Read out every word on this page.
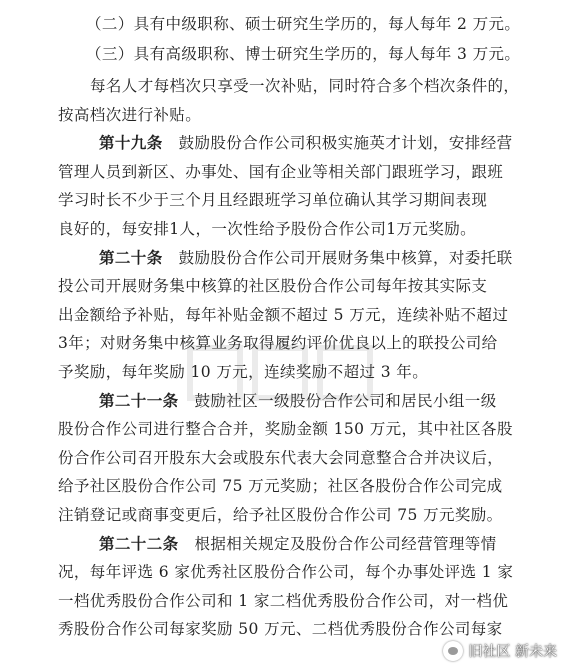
（二）具有中级职称、硕士研究生学历的，每人每年 2 万元。
（三）具有高级职称、博士研究生学历的，每人每年 3 万元。
每名人才每档次只享受一次补贴，同时符合多个档次条件的，
按高档次进行补贴。
第十九条 鼓励股份合作公司积极实施英才计划，安排经营
管理人员到新区、办事处、国有企业等相关部门跟班学习，跟班
学习时长不少于三个月且经跟班学习单位确认其学习期间表现
良好的，每安排1人，一次性给予股份合作公司1万元奖励。
第二十条 鼓励股份合作公司开展财务集中核算，对委托联
投公司开展财务集中核算的社区股份合作公司每年按其实际支
出金额给予补贴，每年补贴金额不超过 5 万元，连续补贴不超过
3年；对财务集中核算业务取得履约评价优良以上的联投公司给
予奖励，每年奖励 10 万元，连续奖励不超过 3 年。
第二十一条 鼓励社区一级股份合作公司和居民小组一级
股份合作公司进行整合合并，奖励金额 150 万元，其中社区各股
份合作公司召开股东大会或股东代表大会同意整合合并决议后，
给予社区股份合作公司 75 万元奖励；社区各股份合作公司完成
注销登记或商事变更后，给予社区股份合作公司 75 万元奖励。
第二十二条 根据相关规定及股份合作公司经营管理等情
况，每年评选 6 家优秀社区股份合作公司，每个办事处评选 1 家
一档优秀股份合作公司和 1 家二档优秀股份合作公司，对一档优
秀股份合作公司每家奖励 50 万元、二档优秀股份合作公司每家
旧社区 新未来
